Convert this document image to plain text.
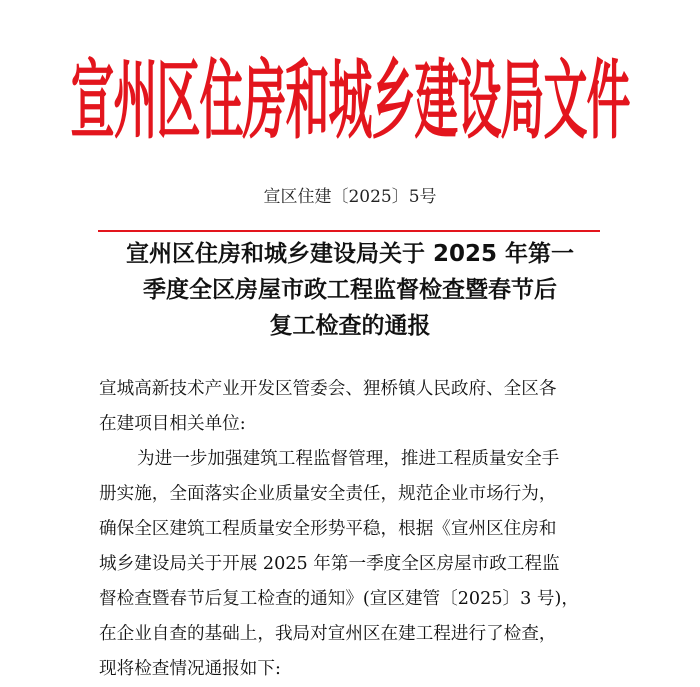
宣州区住房和城乡建设局文件
宣区住建〔2025〕5号
宣州区住房和城乡建设局关于 2025 年第一
季度全区房屋市政工程监督检查暨春节后
复工检查的通报
宣城高新技术产业开发区管委会、狸桥镇人民政府、全区各
在建项目相关单位:
为进一步加强建筑工程监督管理，推进工程质量安全手
册实施，全面落实企业质量安全责任，规范企业市场行为，
确保全区建筑工程质量安全形势平稳，根据《宣州区住房和
城乡建设局关于开展 2025 年第一季度全区房屋市政工程监
督检查暨春节后复工检查的通知》(宣区建管〔2025〕3 号)，
在企业自查的基础上，我局对宣州区在建工程进行了检查，
现将检查情况通报如下:
